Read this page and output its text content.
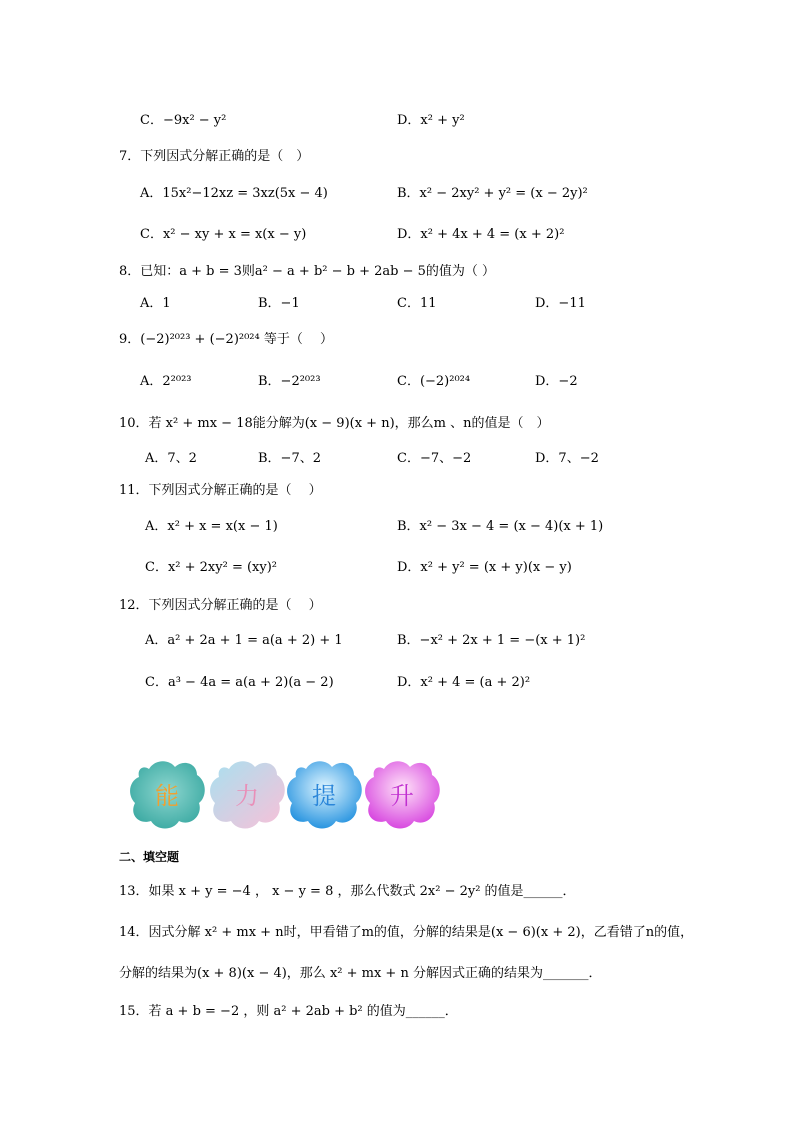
C．−9x² − y²	D．x² + y²
7．下列因式分解正确的是（　）
A．15x²−12xz = 3xz(5x − 4)	B．x² − 2xy² + y² = (x − 2y)²
C．x² − xy + x = x(x − y)	D．x² + 4x + 4 = (x + 2)²
8．已知：a + b = 3则a² − a + b² − b + 2ab − 5的值为（ ）
A．1	B．−1	C．11	D．−11
9．(−2)²⁰²³ + (−2)²⁰²⁴ 等于（　 ）
A．2²⁰²³	B．−2²⁰²³	C．(−2)²⁰²⁴	D．−2
10．若 x² + mx − 18能分解为(x − 9)(x + n)，那么m 、n的值是（　）
A．7、2	B．−7、2	C．−7、−2	D．7、−2
11．下列因式分解正确的是（　 ）
A．x² + x = x(x − 1)	B．x² − 3x − 4 = (x − 4)(x + 1)
C．x² + 2xy² = (xy)²	D．x² + y² = (x + y)(x − y)
12．下列因式分解正确的是（　 ）
A．a² + 2a + 1 = a(a + 2) + 1	B．−x² + 2x + 1 = −(x + 1)²
C．a³ − 4a = a(a + 2)(a − 2)	D．x² + 4 = (a + 2)²
能	力	提	升
二、填空题
13．如果 x + y = −4 ， x − y = 8 ，那么代数式 2x² − 2y² 的值是______．
14．因式分解 x² + mx + n时，甲看错了m的值，分解的结果是(x − 6)(x + 2)，乙看错了n的值，
分解的结果为(x + 8)(x − 4)，那么 x² + mx + n 分解因式正确的结果为_______．
15．若 a + b = −2 ，则 a² + 2ab + b² 的值为______．
